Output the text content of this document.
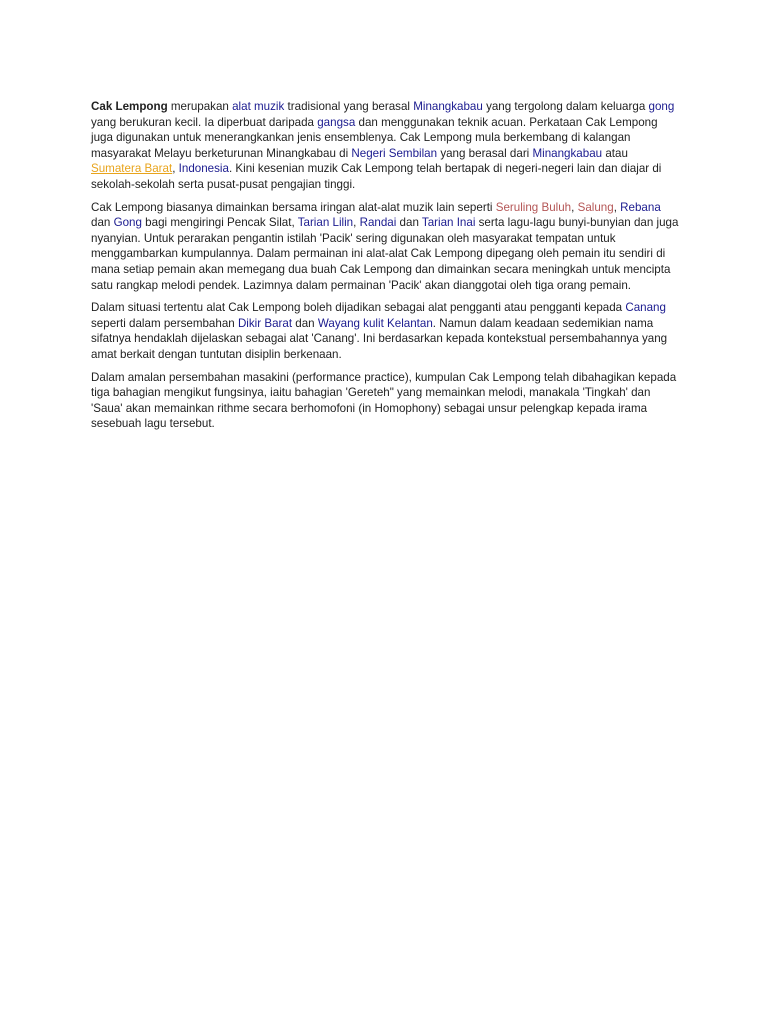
Cak Lempong merupakan alat muzik tradisional yang berasal Minangkabau yang tergolong dalam keluarga gong yang berukuran kecil. Ia diperbuat daripada gangsa dan menggunakan teknik acuan. Perkataan Cak Lempong juga digunakan untuk menerangkankan jenis ensemblenya. Cak Lempong mula berkembang di kalangan masyarakat Melayu berketurunan Minangkabau di Negeri Sembilan yang berasal dari Minangkabau atau Sumatera Barat, Indonesia. Kini kesenian muzik Cak Lempong telah bertapak di negeri-negeri lain dan diajar di sekolah-sekolah serta pusat-pusat pengajian tinggi.

Cak Lempong biasanya dimainkan bersama iringan alat-alat muzik lain seperti Seruling Buluh, Salung, Rebana dan Gong bagi mengiringi Pencak Silat, Tarian Lilin, Randai dan Tarian Inai serta lagu-lagu bunyi-bunyian dan juga nyanyian. Untuk perarakan pengantin istilah 'Pacik' sering digunakan oleh masyarakat tempatan untuk menggambarkan kumpulannya. Dalam permainan ini alat-alat Cak Lempong dipegang oleh pemain itu sendiri di mana setiap pemain akan memegang dua buah Cak Lempong dan dimainkan secara meningkah untuk mencipta satu rangkap melodi pendek. Lazimnya dalam permainan 'Pacik' akan dianggotai oleh tiga orang pemain.

Dalam situasi tertentu alat Cak Lempong boleh dijadikan sebagai alat pengganti atau pengganti kepada Canang seperti dalam persembahan Dikir Barat dan Wayang kulit Kelantan. Namun dalam keadaan sedemikian nama sifatnya hendaklah dijelaskan sebagai alat 'Canang'. Ini berdasarkan kepada kontekstual persembahannya yang amat berkait dengan tuntutan disiplin berkenaan.

Dalam amalan persembahan masakini (performance practice), kumpulan Cak Lempong telah dibahagikan kepada tiga bahagian mengikut fungsinya, iaitu bahagian 'Gereteh" yang memainkan melodi, manakala 'Tingkah' dan 'Saua' akan memainkan rithme secara berhomofoni (in Homophony) sebagai unsur pelengkap kepada irama sesebuah lagu tersebut.
